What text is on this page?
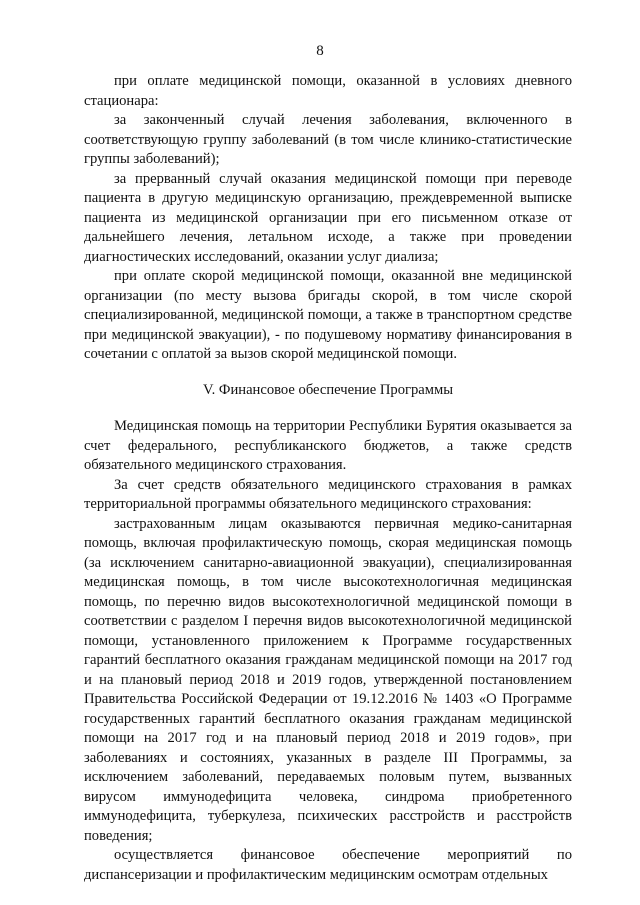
8

при оплате медицинской помощи, оказанной в условиях дневного стационара:

за законченный случай лечения заболевания, включенного в соответствующую группу заболеваний (в том числе клинико-статистические группы заболеваний);

за прерванный случай оказания медицинской помощи при переводе пациента в другую медицинскую организацию, преждевременной выписке пациента из медицинской организации при его письменном отказе от дальнейшего лечения, летальном исходе, а также при проведении диагностических исследований, оказании услуг диализа;

при оплате скорой медицинской помощи, оказанной вне медицинской организации (по месту вызова бригады скорой, в том числе скорой специализированной, медицинской помощи, а также в транспортном средстве при медицинской эвакуации), - по подушевому нормативу финансирования в сочетании с оплатой за вызов скорой медицинской помощи.

V. Финансовое обеспечение Программы

Медицинская помощь на территории Республики Бурятия оказывается за счет федерального, республиканского бюджетов, а также средств обязательного медицинского страхования.

За счет средств обязательного медицинского страхования в рамках территориальной программы обязательного медицинского страхования:

застрахованным лицам оказываются первичная медико-санитарная помощь, включая профилактическую помощь, скорая медицинская помощь (за исключением санитарно-авиационной эвакуации), специализированная медицинская помощь, в том числе высокотехнологичная медицинская помощь, по перечню видов высокотехнологичной медицинской помощи в соответствии с разделом I перечня видов высокотехнологичной медицинской помощи, установленного приложением к Программе государственных гарантий бесплатного оказания гражданам медицинской помощи на 2017 год и на плановый период 2018 и 2019 годов, утвержденной постановлением Правительства Российской Федерации от 19.12.2016 № 1403 «О Программе государственных гарантий бесплатного оказания гражданам медицинской помощи на 2017 год и на плановый период 2018 и 2019 годов», при заболеваниях и состояниях, указанных в разделе III Программы, за исключением заболеваний, передаваемых половым путем, вызванных вирусом иммунодефицита человека, синдрома приобретенного иммунодефицита, туберкулеза, психических расстройств и расстройств поведения;

осуществляется финансовое обеспечение мероприятий по диспансеризации и профилактическим медицинским осмотрам отдельных
